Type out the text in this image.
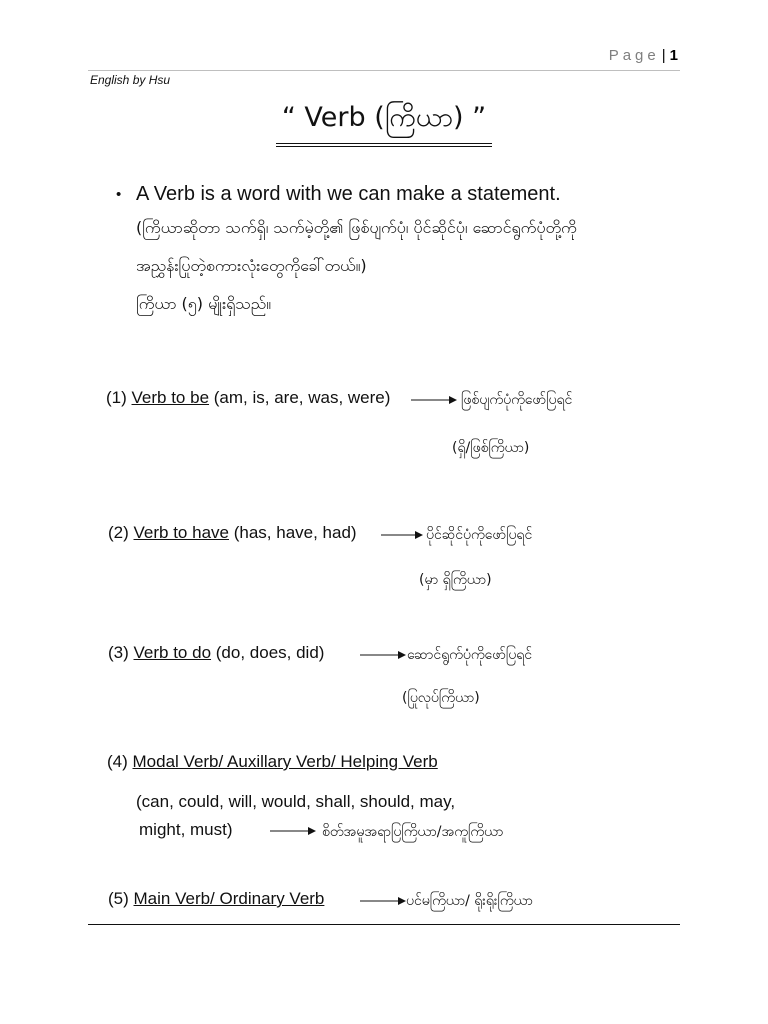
Page | 1
English by Hsu
“ Verb (ကြိယာ) ”
• A Verb is a word with we can make a statement.
(ကြိယာဆိုတာ သက်ရှိ၊ သက်မဲ့တို့၏ ဖြစ်ပျက်ပုံ၊ ပိုင်ဆိုင်ပုံ၊ ဆောင်ရွက်ပုံတို့ကို
အညွှန်းပြုတဲ့စကားလုံးတွေကိုခေါ်တယ်။)
ကြိယာ (၅) မျိုးရှိသည်။
(1) Verb to be (am, is, are, was, were)	ဖြစ်ပျက်ပုံကိုဖော်ပြရင်
(ရှိ/ဖြစ်ကြိယာ)
(2) Verb to have (has, have, had)	ပိုင်ဆိုင်ပုံကိုဖော်ပြရင်
(မှာ ရှိကြိယာ)
(3) Verb to do (do, does, did)	ဆောင်ရွက်ပုံကိုဖော်ပြရင်
(ပြုလုပ်ကြိယာ)
(4) Modal Verb/ Auxillary Verb/ Helping Verb
(can, could, will, would, shall, should, may,
might, must)	စိတ်အမူအရာပြကြိယာ/အကူကြိယာ
(5) Main Verb/ Ordinary Verb	ပင်မကြိယာ/ ရိုးရိုးကြိယာ
